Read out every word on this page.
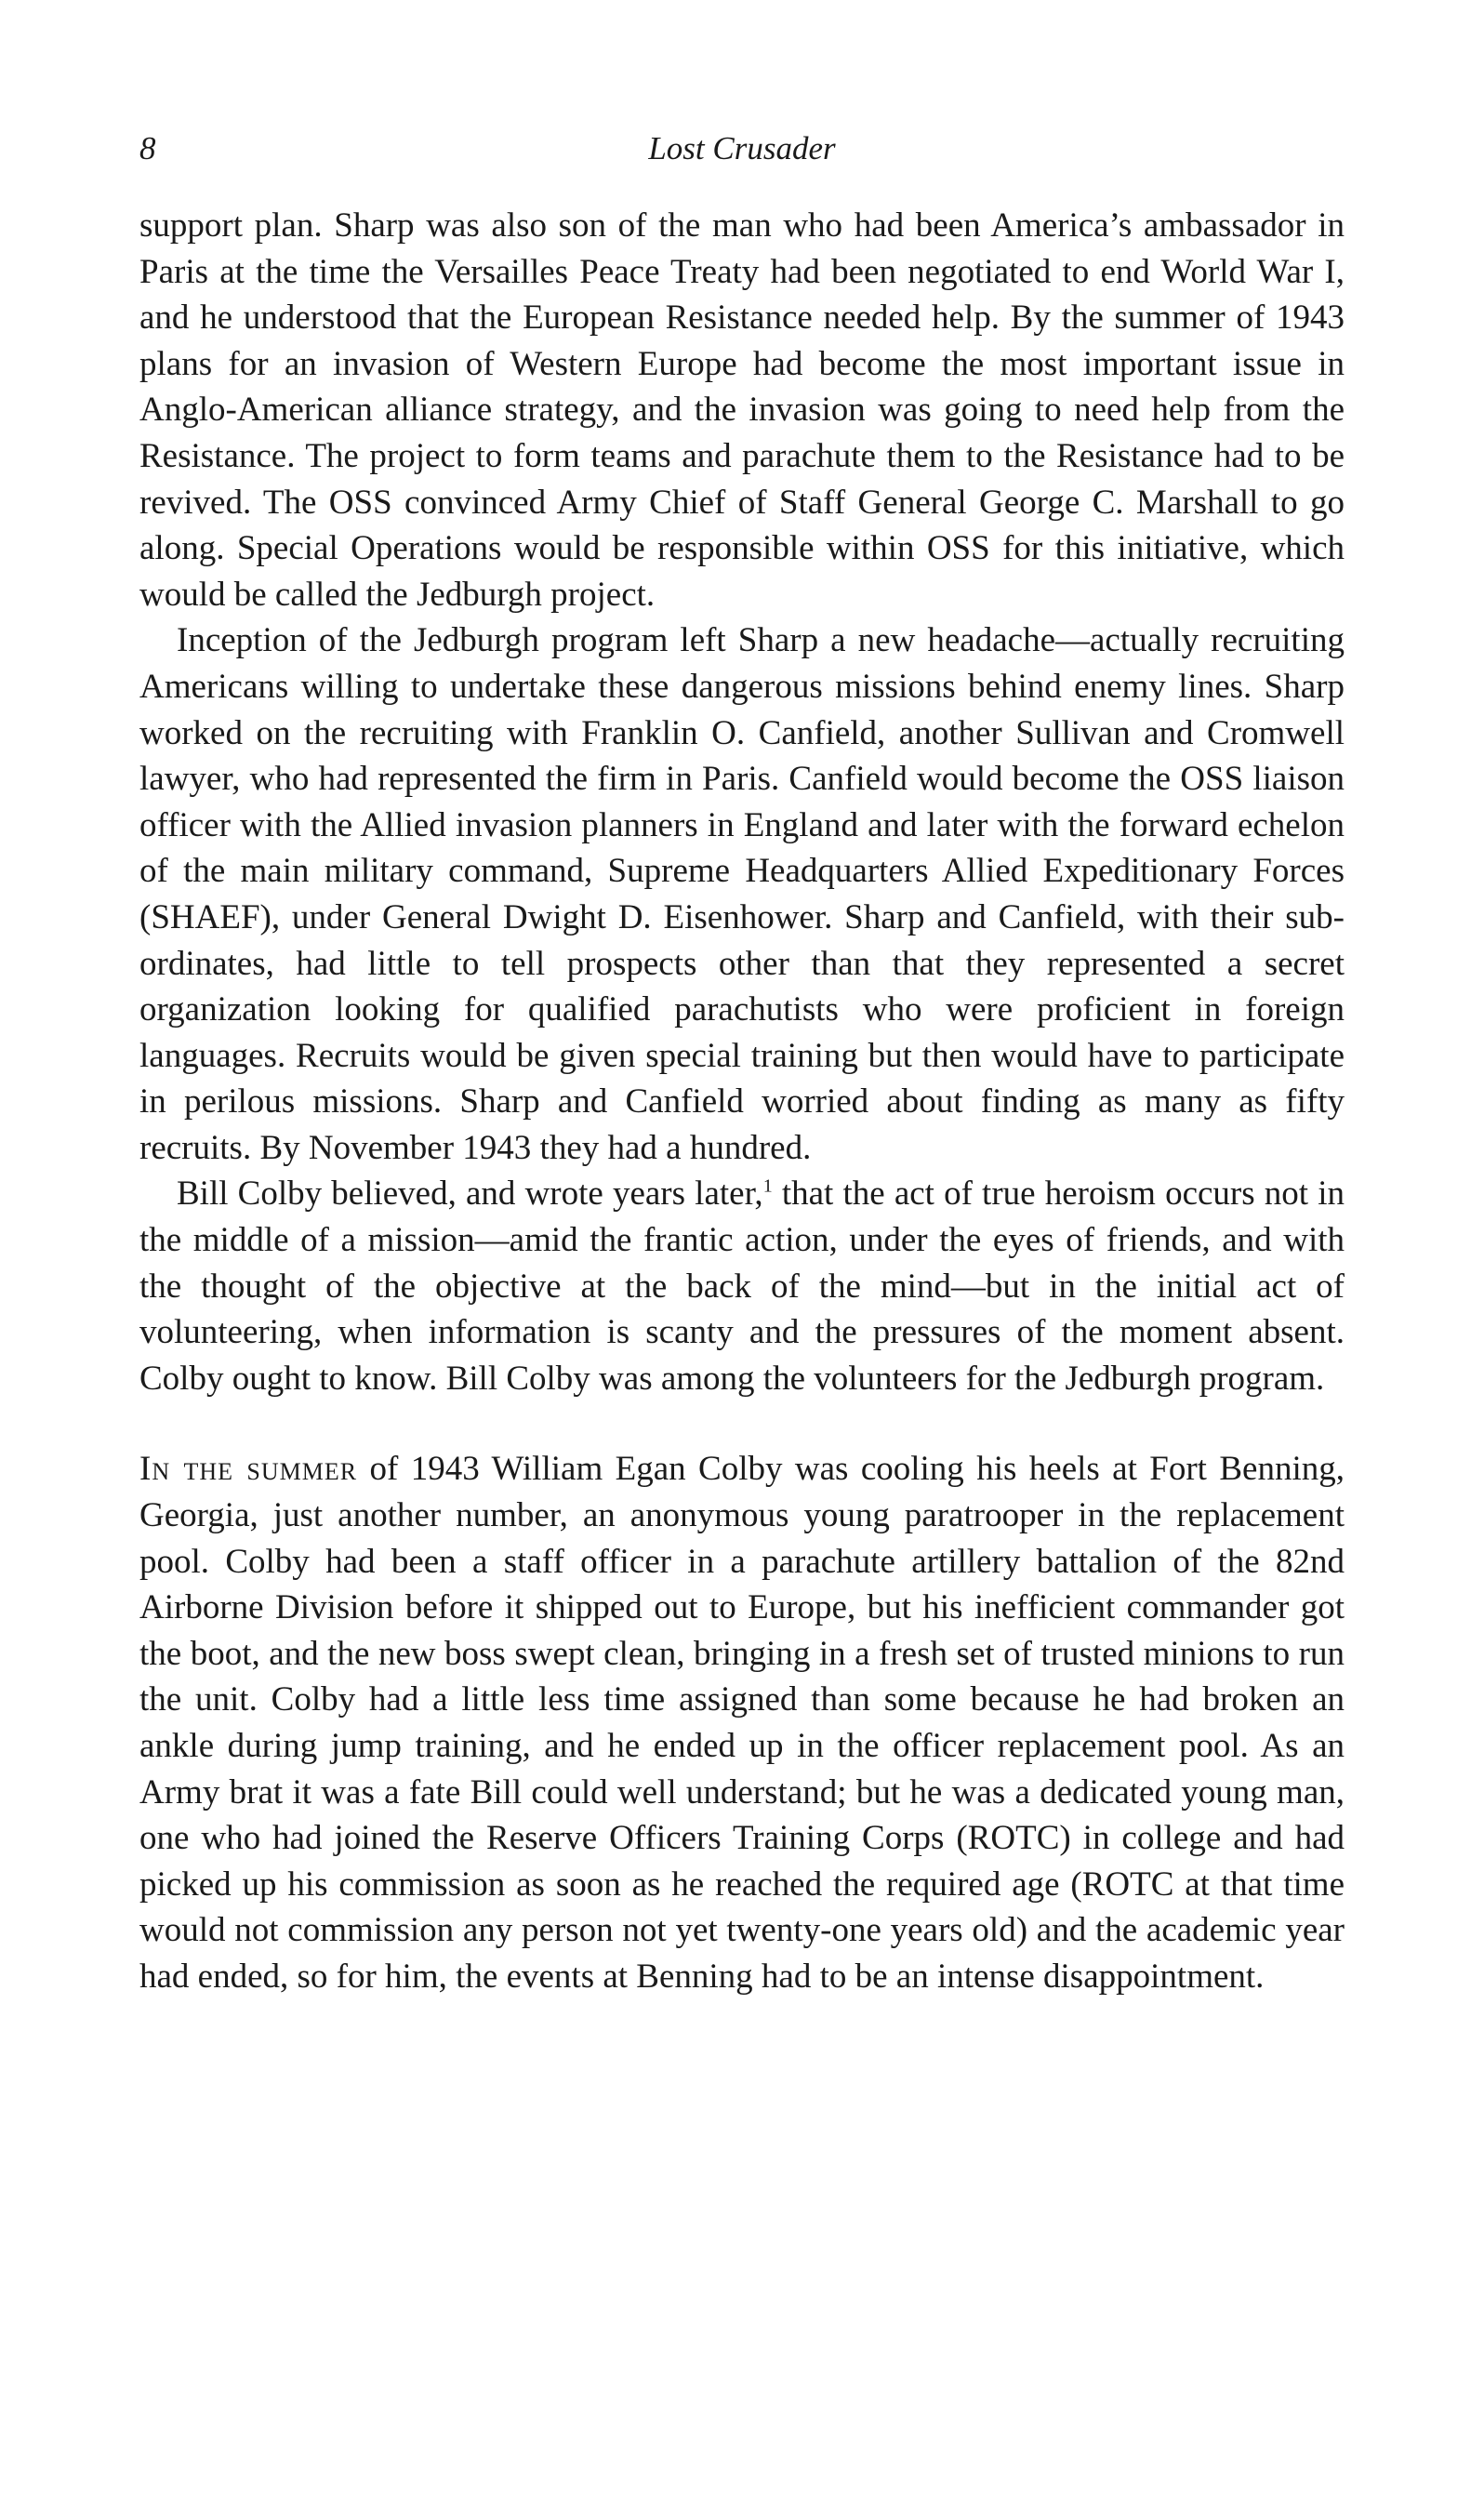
8	Lost Crusader

support plan. Sharp was also son of the man who had been America’s ambassador in Paris at the time the Versailles Peace Treaty had been negotiated to end World War I, and he understood that the European Resistance needed help. By the summer of 1943 plans for an invasion of Western Europe had become the most important issue in Anglo-American alliance strategy, and the invasion was going to need help from the Resistance. The project to form teams and parachute them to the Resistance had to be revived. The OSS convinced Army Chief of Staff General George C. Marshall to go along. Special Operations would be responsible within OSS for this initiative, which would be called the Jedburgh project.

Inception of the Jedburgh program left Sharp a new headache—actually recruiting Americans willing to undertake these dangerous missions behind enemy lines. Sharp worked on the recruiting with Franklin O. Canfield, another Sullivan and Cromwell lawyer, who had represented the firm in Paris. Canfield would become the OSS liaison officer with the Allied invasion planners in England and later with the forward echelon of the main military command, Supreme Headquarters Allied Expeditionary Forces (SHAEF), under General Dwight D. Eisenhower. Sharp and Canfield, with their subordinates, had little to tell prospects other than that they represented a secret organization looking for qualified parachutists who were proficient in foreign languages. Recruits would be given special training but then would have to participate in perilous missions. Sharp and Canfield worried about finding as many as fifty recruits. By November 1943 they had a hundred.

Bill Colby believed, and wrote years later,$^1$ that the act of true heroism occurs not in the middle of a mission—amid the frantic action, under the eyes of friends, and with the thought of the objective at the back of the mind—but in the initial act of volunteering, when information is scanty and the pressures of the moment absent. Colby ought to know. Bill Colby was among the volunteers for the Jedburgh program.

In the summer of 1943 William Egan Colby was cooling his heels at Fort Benning, Georgia, just another number, an anonymous young paratrooper in the replacement pool. Colby had been a staff officer in a parachute artillery battalion of the 82nd Airborne Division before it shipped out to Europe, but his inefficient commander got the boot, and the new boss swept clean, bringing in a fresh set of trusted minions to run the unit. Colby had a little less time assigned than some because he had broken an ankle during jump training, and he ended up in the officer replacement pool. As an Army brat it was a fate Bill could well understand; but he was a dedicated young man, one who had joined the Reserve Officers Training Corps (ROTC) in college and had picked up his commission as soon as he reached the required age (ROTC at that time would not commission any person not yet twenty-one years old) and the academic year had ended, so for him, the events at Benning had to be an intense disappointment.
